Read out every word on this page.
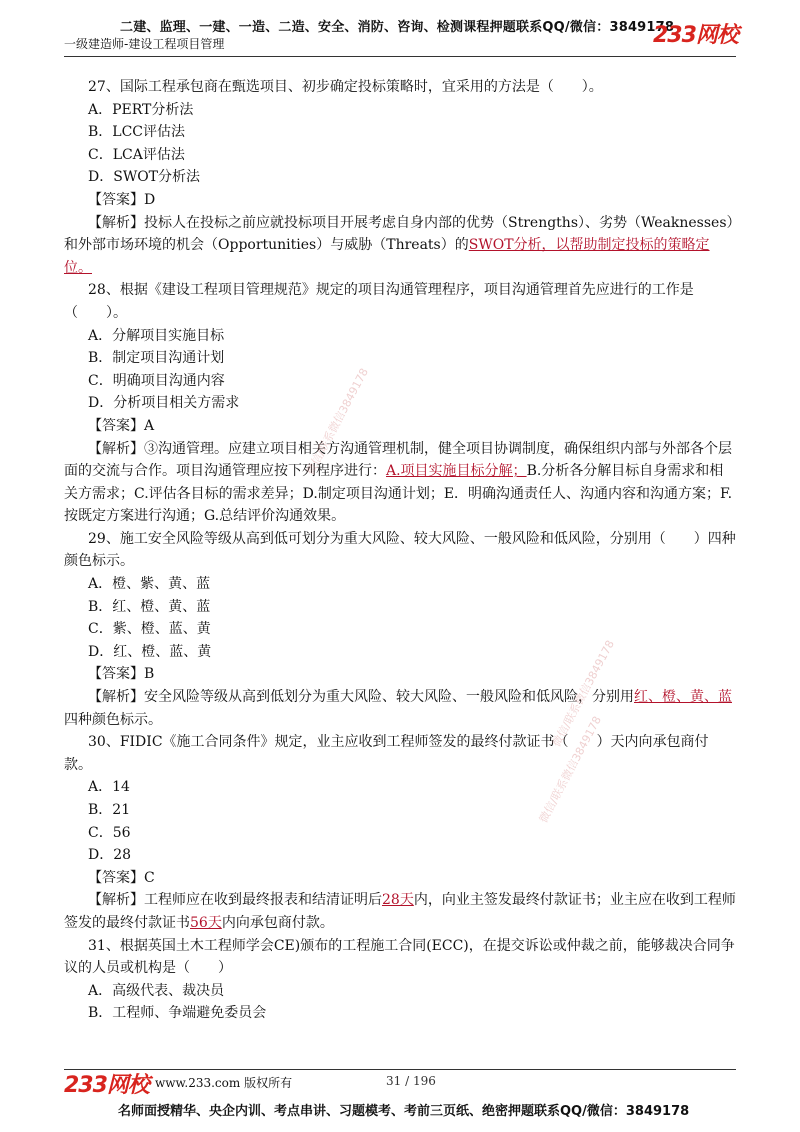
二建、监理、一建、一造、二造、安全、消防、咨询、检测课程押题联系QQ/微信：3849178
一级建造师-建设工程项目管理	233网校
27、国际工程承包商在甄选项目、初步确定投标策略时，宜采用的方法是（　　）。
A．PERT分析法
B．LCC评估法
C．LCA评估法
D．SWOT分析法
【答案】D
【解析】投标人在投标之前应就投标项目开展考虑自身内部的优势（Strengths）、劣势（Weaknesses）和外部市场环境的机会（Opportunities）与威胁（Threats）的SWOT分析，以帮助制定投标的策略定位。
28、根据《建设工程项目管理规范》规定的项目沟通管理程序，项目沟通管理首先应进行的工作是（　　）。
A．分解项目实施目标
B．制定项目沟通计划
C．明确项目沟通内容
D．分析项目相关方需求
【答案】A
【解析】③沟通管理。应建立项目相关方沟通管理机制，健全项目协调制度，确保组织内部与外部各个层面的交流与合作。项目沟通管理应按下列程序进行：A.项目实施目标分解；B.分析各分解目标自身需求和相关方需求；C.评估各目标的需求差异；D.制定项目沟通计划；E．明确沟通责任人、沟通内容和沟通方案；F.按既定方案进行沟通；G.总结评价沟通效果。
29、施工安全风险等级从高到低可划分为重大风险、较大风险、一般风险和低风险，分别用（　　）四种颜色标示。
A．橙、紫、黄、蓝
B．红、橙、黄、蓝
C．紫、橙、蓝、黄
D．红、橙、蓝、黄
【答案】B
【解析】安全风险等级从高到低划分为重大风险、较大风险、一般风险和低风险，分别用红、橙、黄、蓝四种颜色标示。
30、FIDIC《施工合同条件》规定，业主应收到工程师签发的最终付款证书（　　）天内向承包商付款。
A．14
B．21
C．56
D．28
【答案】C
【解析】工程师应在收到最终报表和结清证明后28天内，向业主签发最终付款证书；业主应在收到工程师签发的最终付款证书56天内向承包商付款。
31、根据英国土木工程师学会CE)颁布的工程施工合同(ECC)，在提交诉讼或仲裁之前，能够裁决合同争议的人员或机构是（　　）
A．高级代表、裁决员
B．工程师、争端避免委员会
微信/联系微信3849178
微信/联系微信3849178
微信/联系微信3849178
233网校 www.233.com 版权所有	31 / 196
名师面授精华、央企内训、考点串讲、习题模考、考前三页纸、绝密押题联系QQ/微信：3849178
